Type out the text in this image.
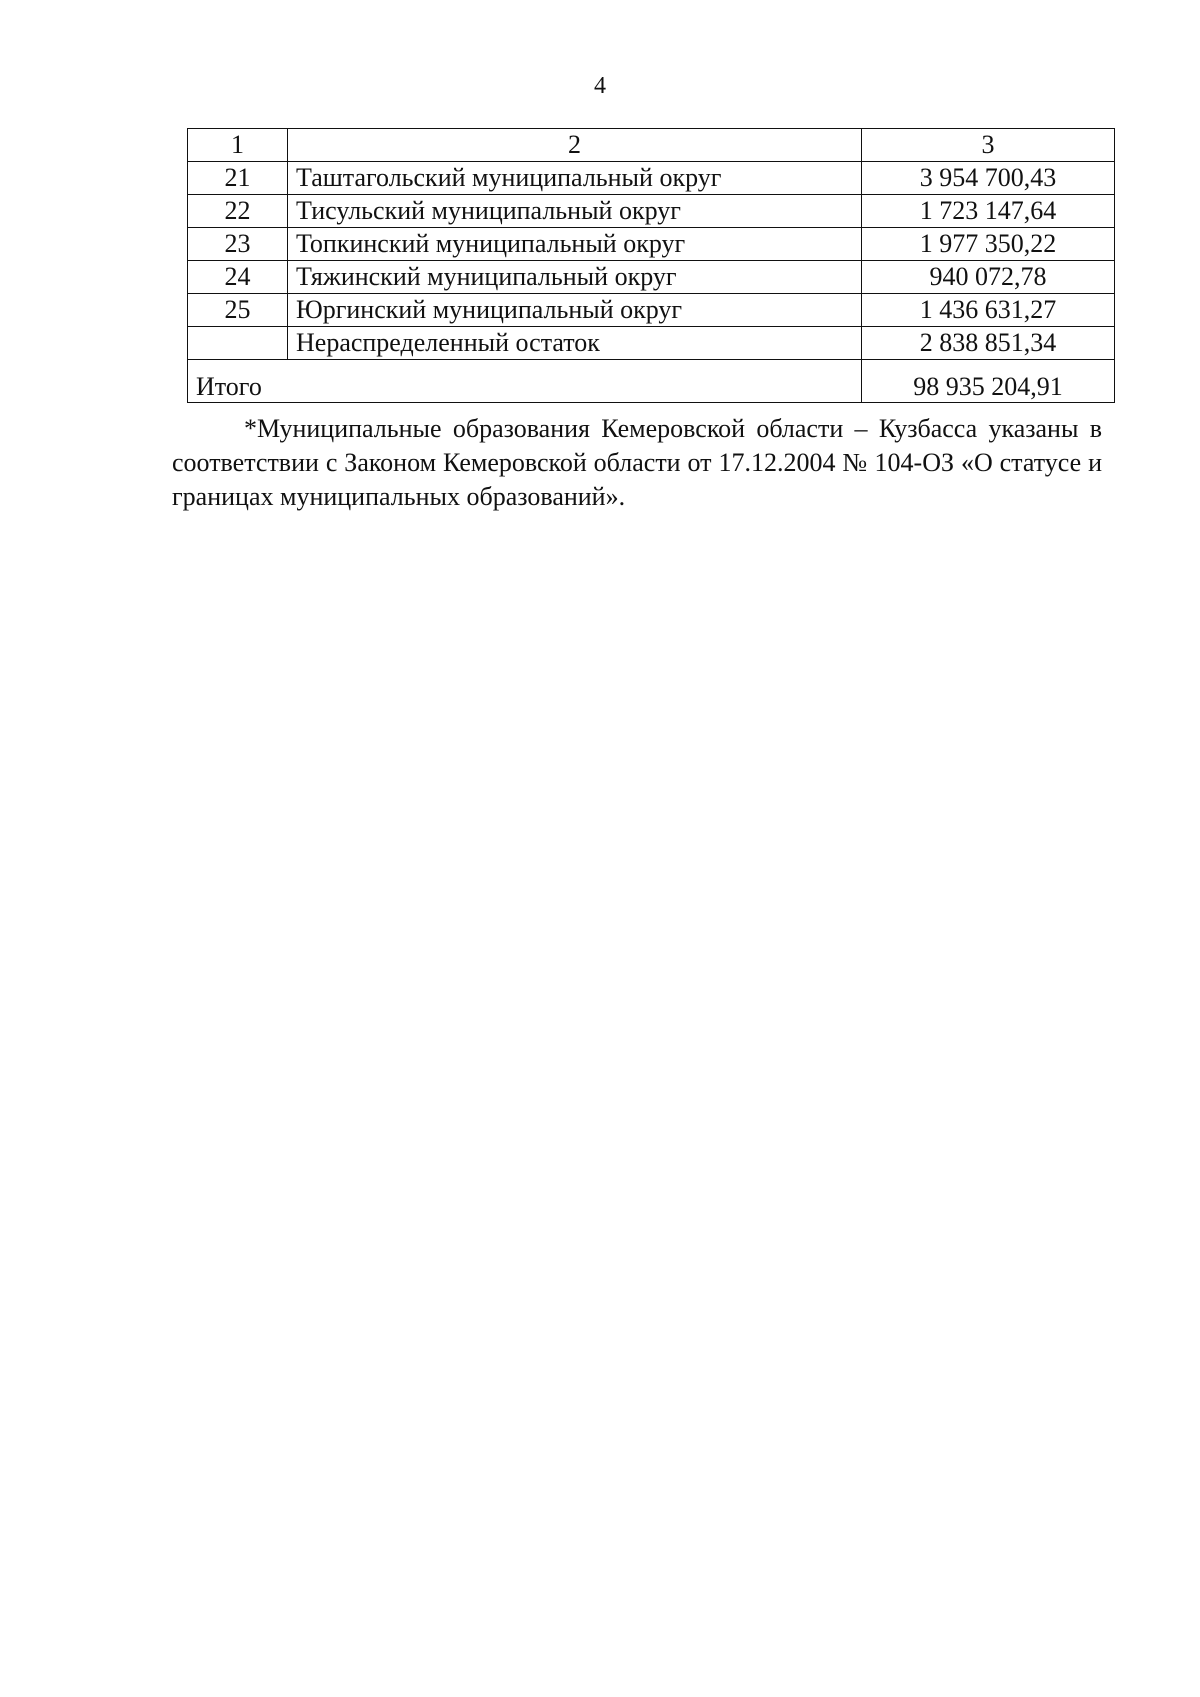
4
1	2	3
21	Таштагольский муниципальный округ	3 954 700,43
22	Тисульский муниципальный округ	1 723 147,64
23	Топкинский муниципальный округ	1 977 350,22
24	Тяжинский муниципальный округ	940 072,78
25	Юргинский муниципальный округ	1 436 631,27
	Нераспределенный остаток	2 838 851,34
Итого		98 935 204,91

*Муниципальные образования Кемеровской области – Кузбасса указаны в соответствии с Законом Кемеровской области от 17.12.2004 № 104-ОЗ «О статусе и границах муниципальных образований».
